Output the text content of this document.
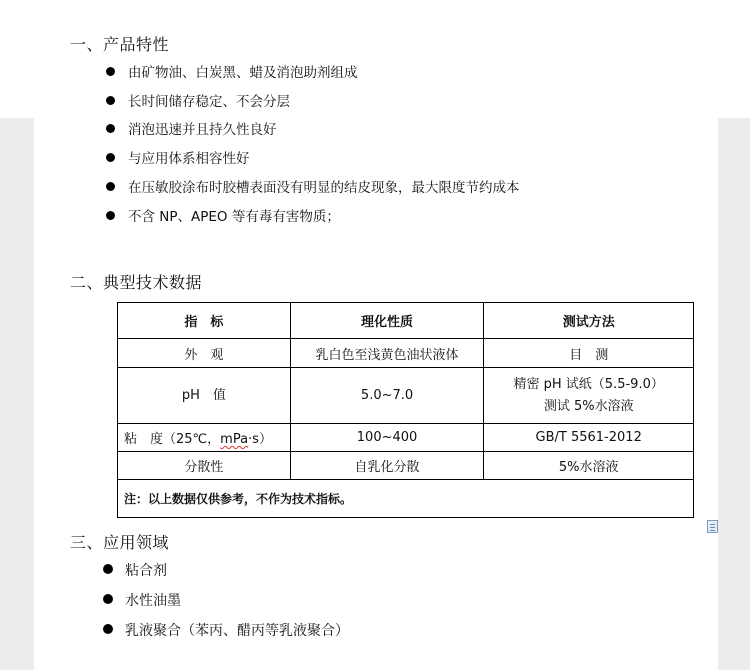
一、产品特性
由矿物油、白炭黑、蜡及消泡助剂组成
长时间储存稳定、不会分层
消泡迅速并且持久性良好
与应用体系相容性好
在压敏胶涂布时胶槽表面没有明显的结皮现象，最大限度节约成本
不含 NP、APEO 等有毒有害物质；
二、典型技术数据
指　标	理化性质	测试方法
外　观	乳白色至浅黄色油状液体	目　测
pH　值	5.0~7.0	精密 pH 试纸（5.5-9.0）
测试 5%水溶液

粘　度（25℃，mPa·s）	100~400	GB/T 5561-2012
分散性	自乳化分散	5%水溶液
注：以上数据仅供参考，不作为技术指标。		
三、应用领域
粘合剂
水性油墨
乳液聚合（苯丙、醋丙等乳液聚合）
